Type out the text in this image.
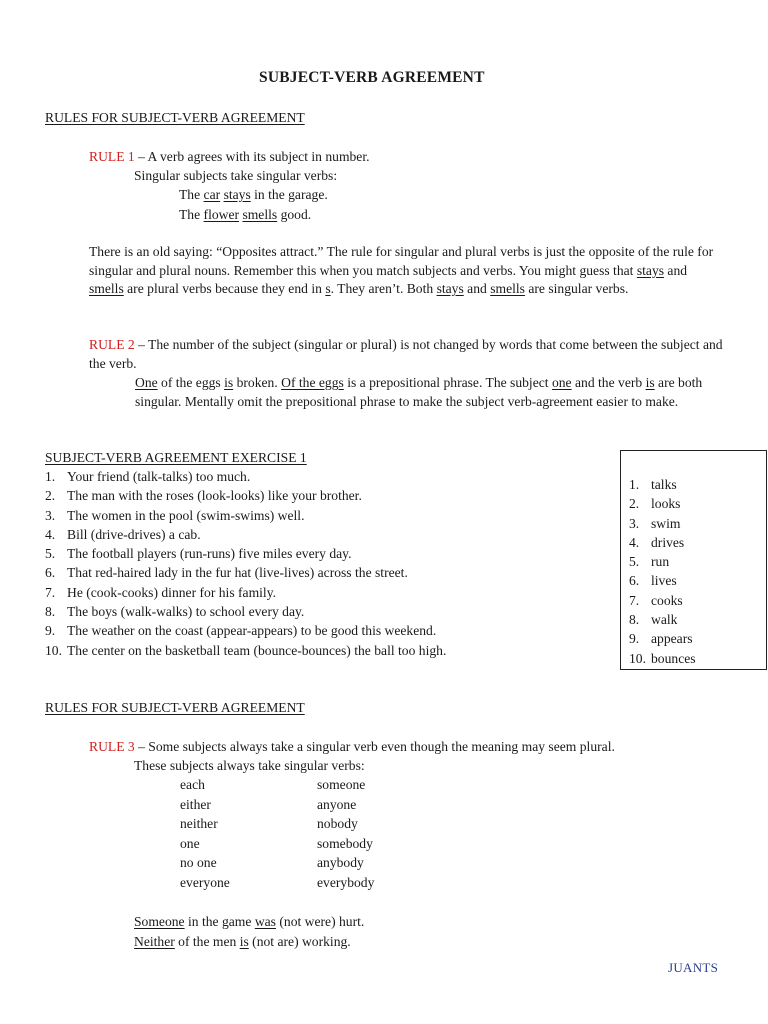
SUBJECT-VERB AGREEMENT
RULES FOR SUBJECT-VERB AGREEMENT
RULE 1 – A verb agrees with its subject in number.
Singular subjects take singular verbs:
The car stays in the garage.
The flower smells good.
There is an old saying: “Opposites attract.” The rule for singular and plural verbs is just the opposite of the rule for singular and plural nouns. Remember this when you match subjects and verbs. You might guess that stays and smells are plural verbs because they end in s. They aren’t. Both stays and smells are singular verbs.
RULE 2 – The number of the subject (singular or plural) is not changed by words that come between the subject and the verb.
One of the eggs is broken. Of the eggs is a prepositional phrase. The subject one and the verb is are both singular. Mentally omit the prepositional phrase to make the subject verb-agreement easier to make.
SUBJECT-VERB AGREEMENT EXERCISE 1
1. Your friend (talk-talks) too much.
2. The man with the roses (look-looks) like your brother.
3. The women in the pool (swim-swims) well.
4. Bill (drive-drives) a cab.
5. The football players (run-runs) five miles every day.
6. That red-haired lady in the fur hat (live-lives) across the street.
7. He (cook-cooks) dinner for his family.
8. The boys (walk-walks) to school every day.
9. The weather on the coast (appear-appears) to be good this weekend.
10. The center on the basketball team (bounce-bounces) the ball too high.
1. talks
2. looks
3. swim
4. drives
5. run
6. lives
7. cooks
8. walk
9. appears
10. bounces
RULES FOR SUBJECT-VERB AGREEMENT
RULE 3 – Some subjects always take a singular verb even though the meaning may seem plural.
These subjects always take singular verbs:
each
either
neither
one
no one
everyone
someone
anyone
nobody
somebody
anybody
everybody
Someone in the game was (not were) hurt.
Neither of the men is (not are) working.
JUANTS
